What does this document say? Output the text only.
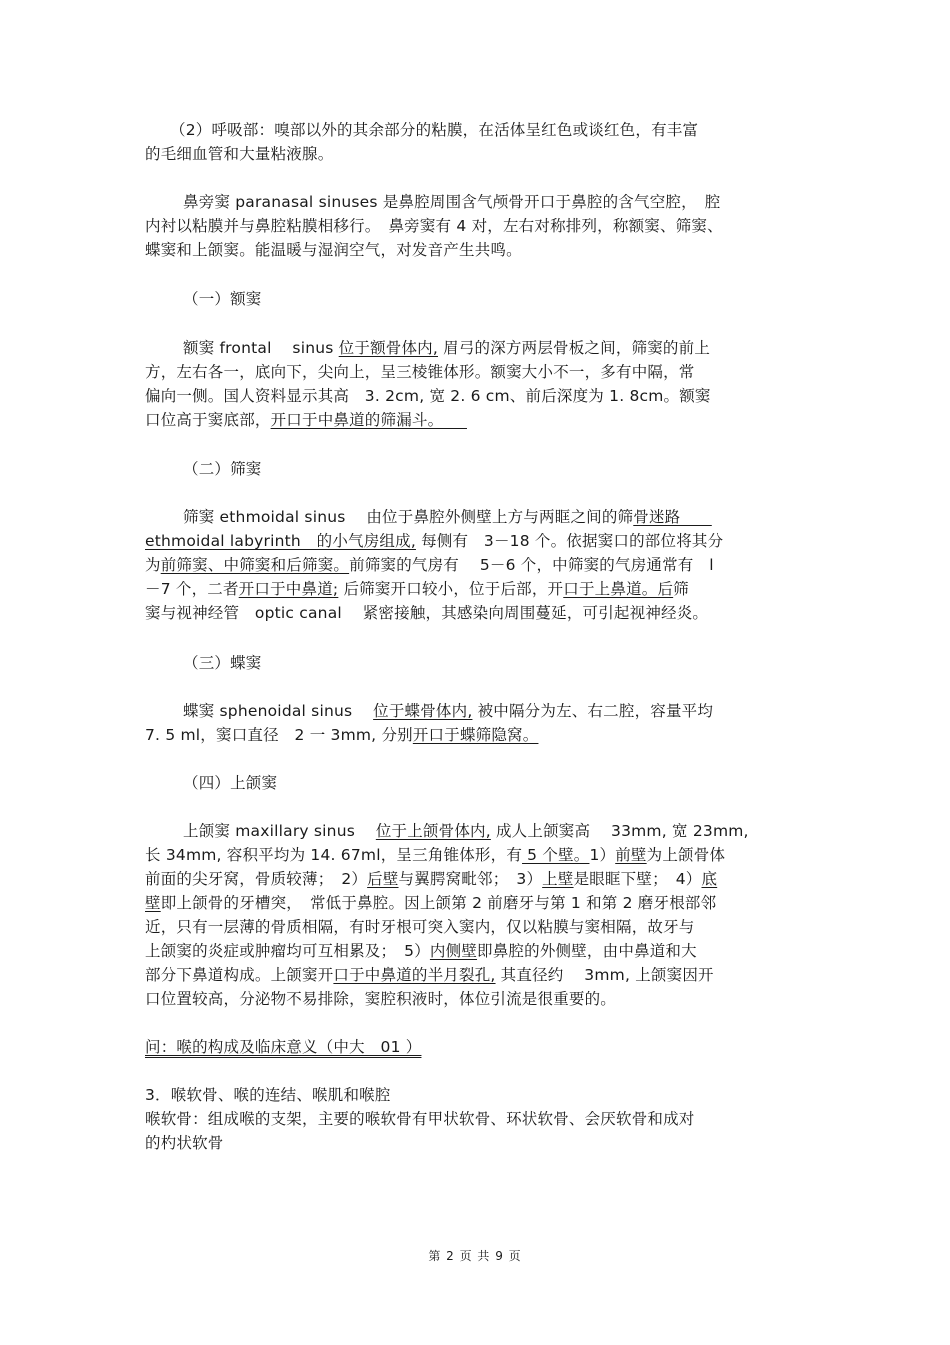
（2）呼吸部：嗅部以外的其余部分的粘膜，在活体呈红色或谈红色，有丰富
的毛细血管和大量粘液腺。
鼻旁窦 paranasal sinuses 是鼻腔周围含气颅骨开口于鼻腔的含气空腔，　腔
内衬以粘膜并与鼻腔粘膜相移行。　鼻旁窦有 4 对，左右对称排列，称额窦、筛窦、
蝶窦和上颌窦。能温暖与湿润空气，对发音产生共鸣。
（一）额窦
额窦 frontal　 sinus 位于额骨体内, 眉弓的深方两层骨板之间，筛窦的前上
方，左右各一，底向下，尖向上，呈三棱锥体形。额窦大小不一，多有中隔，常
偏向一侧。国人资料显示其高　3. 2cm, 宽 2. 6 cm、前后深度为 1. 8cm。额窦
口位高于窦底部，开口于中鼻道的筛漏斗。　　
（二）筛窦
筛窦 ethmoidal sinus　 由位于鼻腔外侧壁上方与两眶之间的筛骨迷路　　
ethmoidal labyrinth　的小气房组成, 每侧有　3－18 个。依据窦口的部位将其分
为前筛窦、中筛窦和后筛窦。前筛窦的气房有　 5－6 个，中筛窦的气房通常有　l
－7 个，二者开口于中鼻道; 后筛窦开口较小，位于后部，开口于上鼻道。后筛
窦与视神经管　optic canal　 紧密接触，其感染向周围蔓延，可引起视神经炎。
（三）蝶窦
蝶窦 sphenoidal sinus　 位于蝶骨体内, 被中隔分为左、右二腔，容量平均
7. 5 ml，窦口直径　2 一 3mm, 分别开口于蝶筛隐窝。
（四）上颌窦
上颌窦 maxillary sinus　 位于上颌骨体内, 成人上颌窦高　 33mm, 宽 23mm,
长 34mm, 容积平均为 14. 67ml，呈三角锥体形，有 5 个壁。1）前壁为上颌骨体
前面的尖牙窝，骨质较薄；　2）后壁与翼腭窝毗邻；　3）上壁是眼眶下壁；　4）底
壁即上颌骨的牙槽突，　常低于鼻腔。因上颌第 2 前磨牙与第 1 和第 2 磨牙根部邻
近，只有一层薄的骨质相隔，有时牙根可突入窦内，仅以粘膜与窦相隔，故牙与
上颌窦的炎症或肿瘤均可互相累及；　5）内侧壁即鼻腔的外侧壁，由中鼻道和大
部分下鼻道构成。上颌窦开口于中鼻道的半月裂孔, 其直径约　 3mm, 上颌窦因开
口位置较高，分泌物不易排除，窦腔积液时，体位引流是很重要的。
问：喉的构成及临床意义（中大　01 ）
3．喉软骨、喉的连结、喉肌和喉腔
喉软骨：组成喉的支架，主要的喉软骨有甲状软骨、环状软骨、会厌软骨和成对
的杓状软骨
第 2 页 共 9 页
